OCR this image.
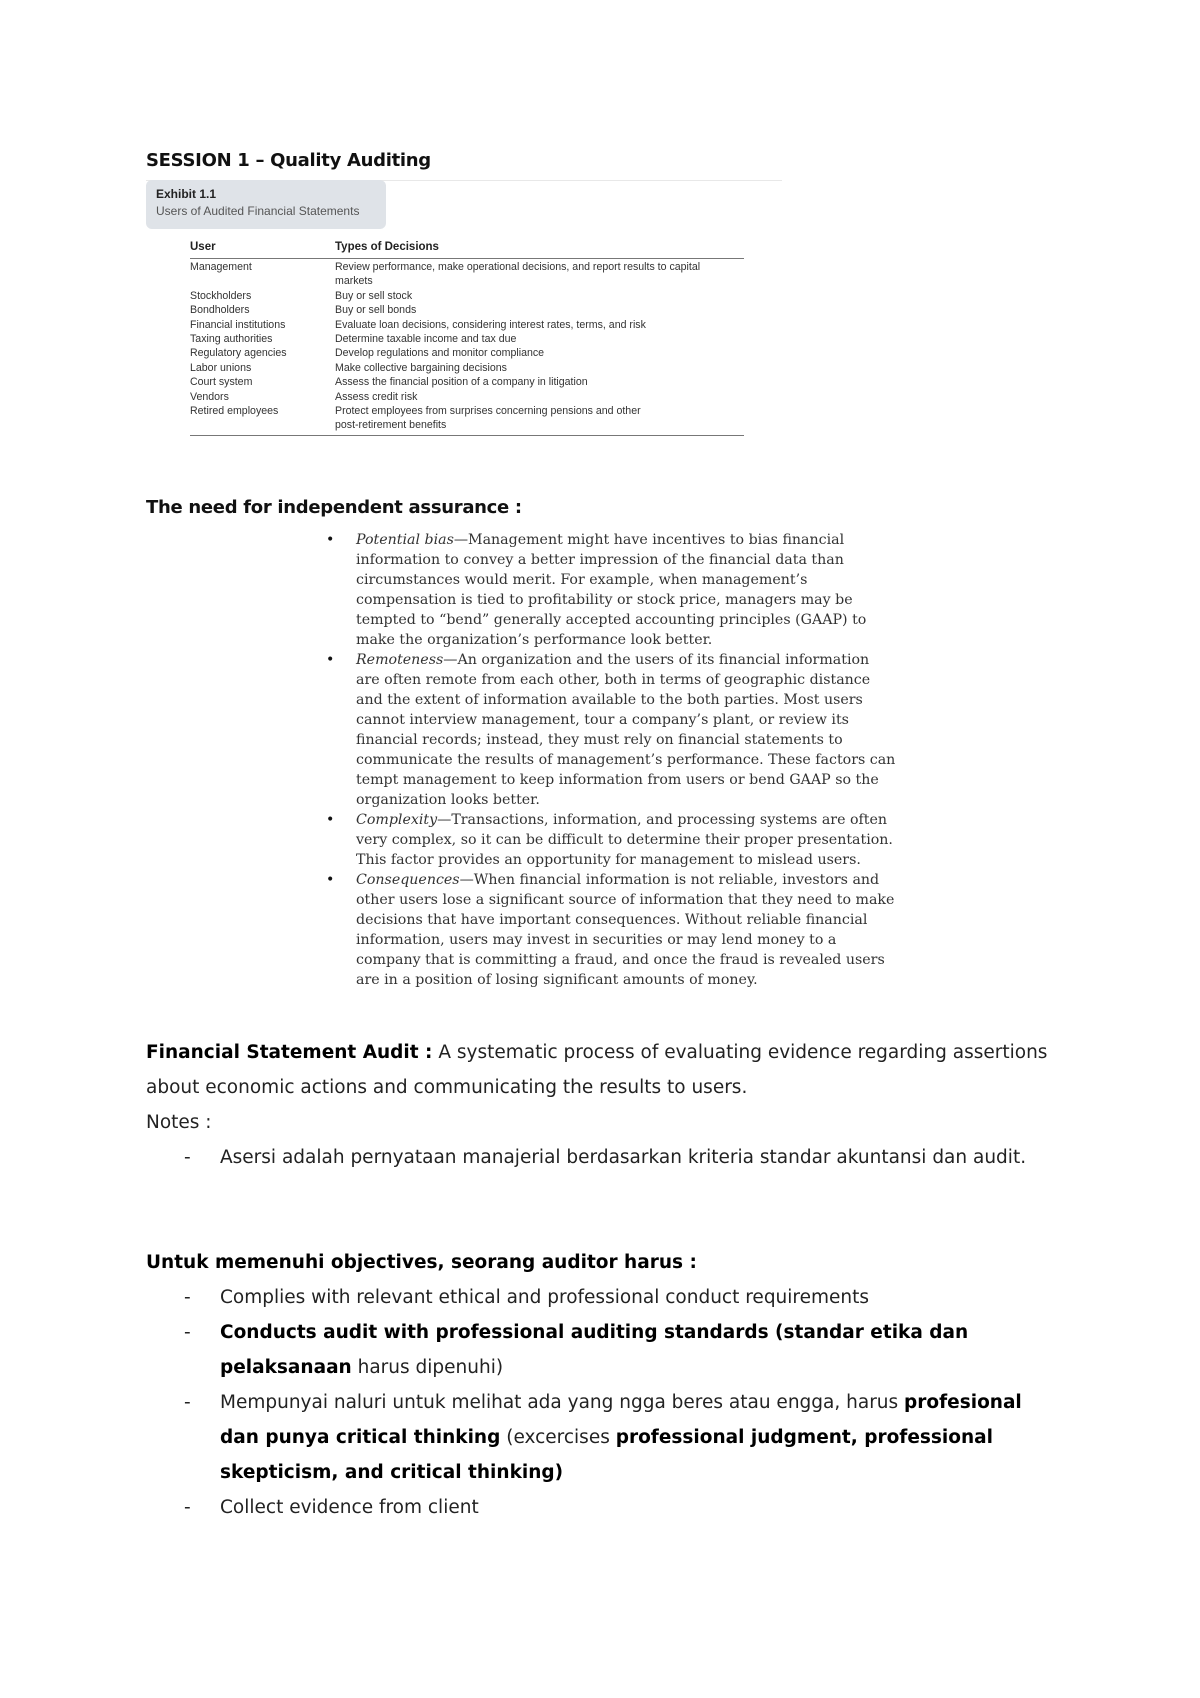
SESSION 1 – Quality Auditing
Exhibit 1.1
Users of Audited Financial Statements
User	Types of Decisions
Management	Review performance, make operational decisions, and report results to capital
markets
Stockholders	Buy or sell stock
Bondholders	Buy or sell bonds
Financial institutions	Evaluate loan decisions, considering interest rates, terms, and risk
Taxing authorities	Determine taxable income and tax due
Regulatory agencies	Develop regulations and monitor compliance
Labor unions	Make collective bargaining decisions
Court system	Assess the financial position of a company in litigation
Vendors	Assess credit risk
Retired employees	Protect employees from surprises concerning pensions and other
post-retirement benefits
The need for independent assurance :
• Potential bias—Management might have incentives to bias financial information to convey a better impression of the financial data than circumstances would merit. For example, when management’s compensation is tied to profitability or stock price, managers may be tempted to “bend” generally accepted accounting principles (GAAP) to make the organization’s performance look better.
• Remoteness—An organization and the users of its financial information are often remote from each other, both in terms of geographic distance and the extent of information available to the both parties. Most users cannot interview management, tour a company’s plant, or review its financial records; instead, they must rely on financial statements to communicate the results of management’s performance. These factors can tempt management to keep information from users or bend GAAP so the organization looks better.
• Complexity—Transactions, information, and processing systems are often very complex, so it can be difficult to determine their proper presentation. This factor provides an opportunity for management to mislead users.
• Consequences—When financial information is not reliable, investors and other users lose a significant source of information that they need to make decisions that have important consequences. Without reliable financial information, users may invest in securities or may lend money to a company that is committing a fraud, and once the fraud is revealed users are in a position of losing significant amounts of money.
Financial Statement Audit : A systematic process of evaluating evidence regarding assertions about economic actions and communicating the results to users.
Notes :
- Asersi adalah pernyataan manajerial berdasarkan kriteria standar akuntansi dan audit.
Untuk memenuhi objectives, seorang auditor harus :
- Complies with relevant ethical and professional conduct requirements
- Conducts audit with professional auditing standards (standar etika dan pelaksanaan harus dipenuhi)
- Mempunyai naluri untuk melihat ada yang ngga beres atau engga, harus profesional dan punya critical thinking (excercises professional judgment, professional skepticism, and critical thinking)
- Collect evidence from client
